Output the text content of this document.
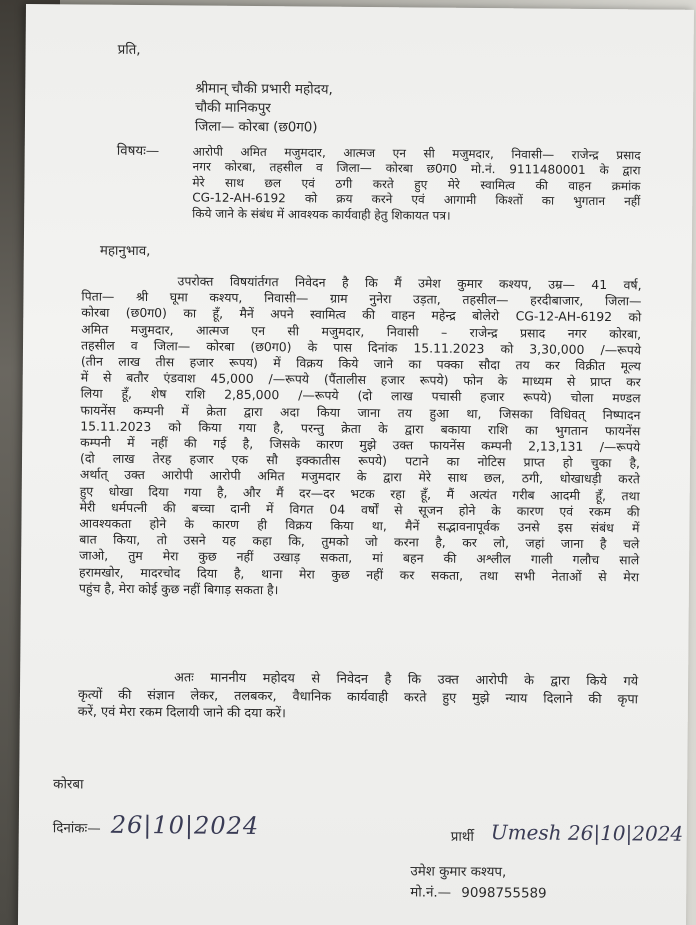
प्रति,
श्रीमान् चौकी प्रभारी महोदय,
चौकी मानिकपुर
जिला— कोरबा (छ0ग0)
विषयः—	आरोपी अमित मजुमदार, आत्मज एन सी मजुमदार, निवासी— राजेन्द्र प्रसाद
नगर कोरबा, तहसील व जिला— कोरबा छ0ग0 मो.नं. 9111480001 के द्वारा
मेरे साथ छल एवं ठगी करते हुए मेरे स्वामित्व की वाहन क्रमांक
CG-12-AH-6192 को क्रय करने एवं आगामी किश्तों का भुगतान नहीं
किये जाने के संबंध में आवश्यक कार्यवाही हेतु शिकायत पत्र।
महानुभाव,
उपरोक्त विषयांर्तगत निवेदन है कि मैं उमेश कुमार कश्यप, उम्र— 41 वर्ष,
पिता— श्री घूमा कश्यप, निवासी— ग्राम नुनेरा उड़ता, तहसील— हरदीबाजार, जिला—
कोरबा (छ0ग0) का हूँ, मैनें अपने स्वामित्व की वाहन महेन्द्र बोलेरो CG-12-AH-6192 को
अमित मजुमदार, आत्मज एन सी मजुमदार, निवासी – राजेन्द्र प्रसाद नगर कोरबा,
तहसील व जिला— कोरबा (छ0ग0) के पास दिनांक 15.11.2023 को 3,30,000 /—रूपये
(तीन लाख तीस हजार रूपय) में विक्रय किये जाने का पक्का सौदा तय कर विक्रीत मूल्य
में से बतौर एंडवाश 45,000 /—रूपये (पैंतालीस हजार रूपये) फोन के माध्यम से प्राप्त कर
लिया हूँ, शेष राशि 2,85,000 /—रूपये (दो लाख पचासी हजार रूपये) चोला मण्डल
फायनेंस कम्पनी में क्रेता द्वारा अदा किया जाना तय हुआ था, जिसका विधिवत् निष्पादन
15.11.2023 को किया गया है, परन्तु क्रेता के द्वारा बकाया राशि का भुगतान फायनेंस
कम्पनी में नहीं की गई है, जिसके कारण मुझे उक्त फायनेंस कम्पनी 2,13,131 /—रूपये
(दो लाख तेरह हजार एक सौ इक्कातीस रूपये) पटाने का नोटिस प्राप्त हो चुका है,
अर्थात् उक्त आरोपी आरोपी अमित मजुमदार के द्वारा मेरे साथ छल, ठगी, धोखाधड़ी करते
हुए धोखा दिया गया है, और मैं दर—दर भटक रहा हूँ, मैं अत्यंत गरीब आदमी हूँ, तथा
मेरी धर्मपत्नी की बच्चा दानी में विगत 04 वर्षों से सूजन होने के कारण एवं रकम की
आवश्यकता होने के कारण ही विक्रय किया था, मैनें सद्भावनापूर्वक उनसे इस संबंध में
बात किया, तो उसने यह कहा कि, तुमको जो करना है, कर लो, जहां जाना है चले
जाओ, तुम मेरा कुछ नहीं उखाड़ सकता, मां बहन की अश्लील गाली गलौच साले
हरामखोर, मादरचोद दिया है, थाना मेरा कुछ नहीं कर सकता, तथा सभी नेताओं से मेरा
पहुंच है, मेरा कोई कुछ नहीं बिगाड़ सकता है।
अतः माननीय महोदय से निवेदन है कि उक्त आरोपी के द्वारा किये गये
कृत्यों की संज्ञान लेकर, तलबकर, वैधानिक कार्यवाही करते हुए मुझे न्याय दिलाने की कृपा
करें, एवं मेरा रकम दिलायी जाने की दया करें।
कोरबा
दिनांकः— 26|10|2024	प्रार्थी Umesh 26|10|2024
उमेश कुमार कश्यप,
मो.नं.— 9098755589
